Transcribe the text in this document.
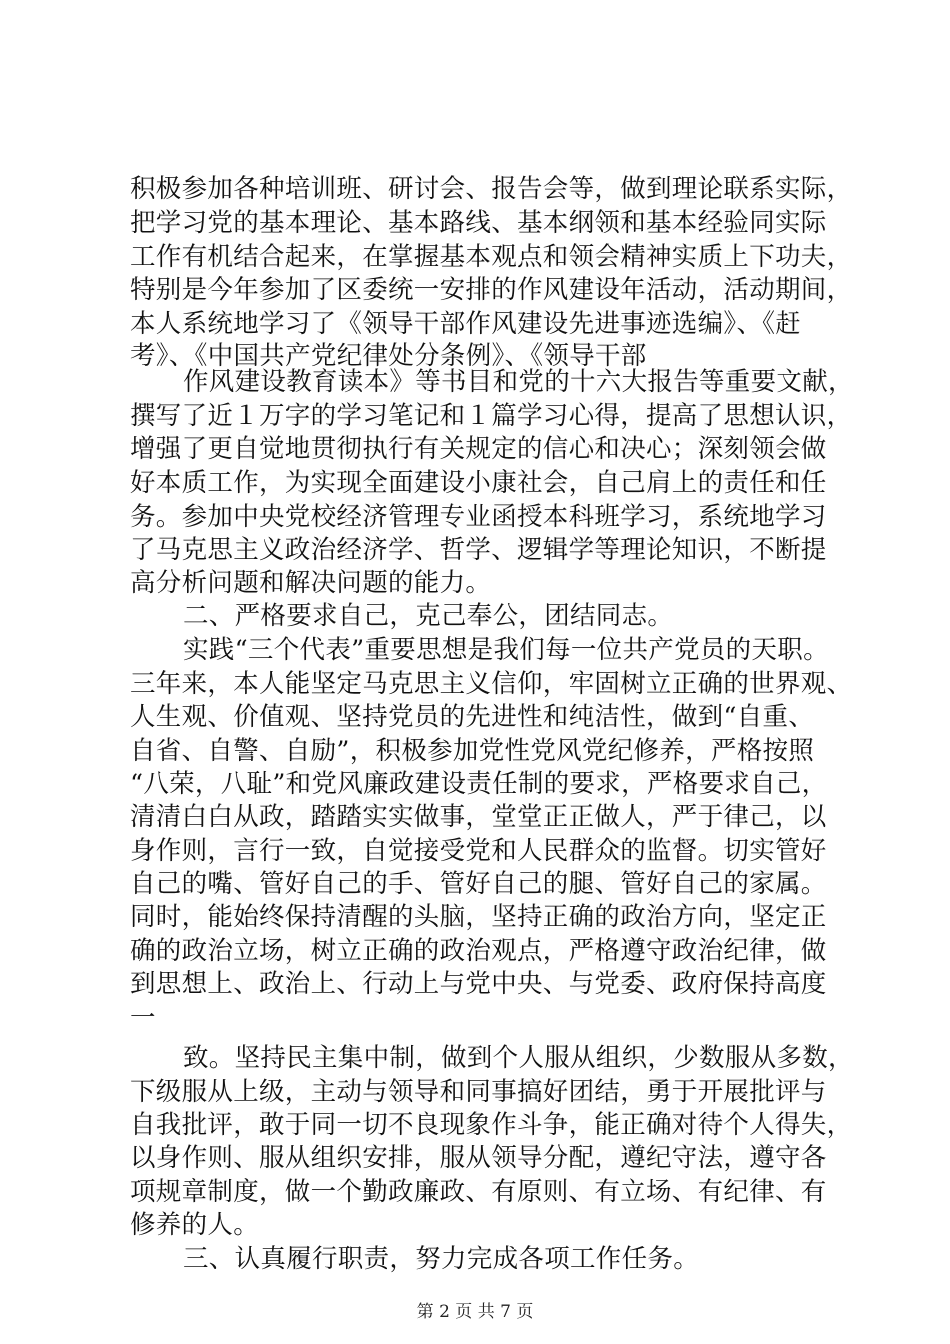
积极参加各种培训班、研讨会、报告会等，做到理论联系实际，
把学习党的基本理论、基本路线、基本纲领和基本经验同实际
工作有机结合起来，在掌握基本观点和领会精神实质上下功夫，
特别是今年参加了区委统一安排的作风建设年活动，活动期间，
本人系统地学习了《领导干部作风建设先进事迹选编》、《赶
考》、《中国共产党纪律处分条例》、《领导干部
作风建设教育读本》等书目和党的十六大报告等重要文献，
撰写了近１万字的学习笔记和１篇学习心得，提高了思想认识，
增强了更自觉地贯彻执行有关规定的信心和决心；深刻领会做
好本质工作，为实现全面建设小康社会，自己肩上的责任和任
务。参加中央党校经济管理专业函授本科班学习，系统地学习
了马克思主义政治经济学、哲学、逻辑学等理论知识，不断提
高分析问题和解决问题的能力。
二、严格要求自己，克己奉公，团结同志。
实践“三个代表”重要思想是我们每一位共产党员的天职。
三年来，本人能坚定马克思主义信仰，牢固树立正确的世界观、
人生观、价值观、坚持党员的先进性和纯洁性，做到“自重、
自省、自警、自励”，积极参加党性党风党纪修养，严格按照
“八荣，八耻”和党风廉政建设责任制的要求，严格要求自己，
清清白白从政，踏踏实实做事，堂堂正正做人，严于律己，以
身作则，言行一致，自觉接受党和人民群众的监督。切实管好
自己的嘴、管好自己的手、管好自己的腿、管好自己的家属。
同时，能始终保持清醒的头脑，坚持正确的政治方向，坚定正
确的政治立场，树立正确的政治观点，严格遵守政治纪律，做
到思想上、政治上、行动上与党中央、与党委、政府保持高度
一
致。坚持民主集中制，做到个人服从组织，少数服从多数，
下级服从上级，主动与领导和同事搞好团结，勇于开展批评与
自我批评，敢于同一切不良现象作斗争，能正确对待个人得失，
以身作则、服从组织安排，服从领导分配，遵纪守法，遵守各
项规章制度，做一个勤政廉政、有原则、有立场、有纪律、有
修养的人。
三、认真履行职责，努力完成各项工作任务。
第 2 页 共 7 页
